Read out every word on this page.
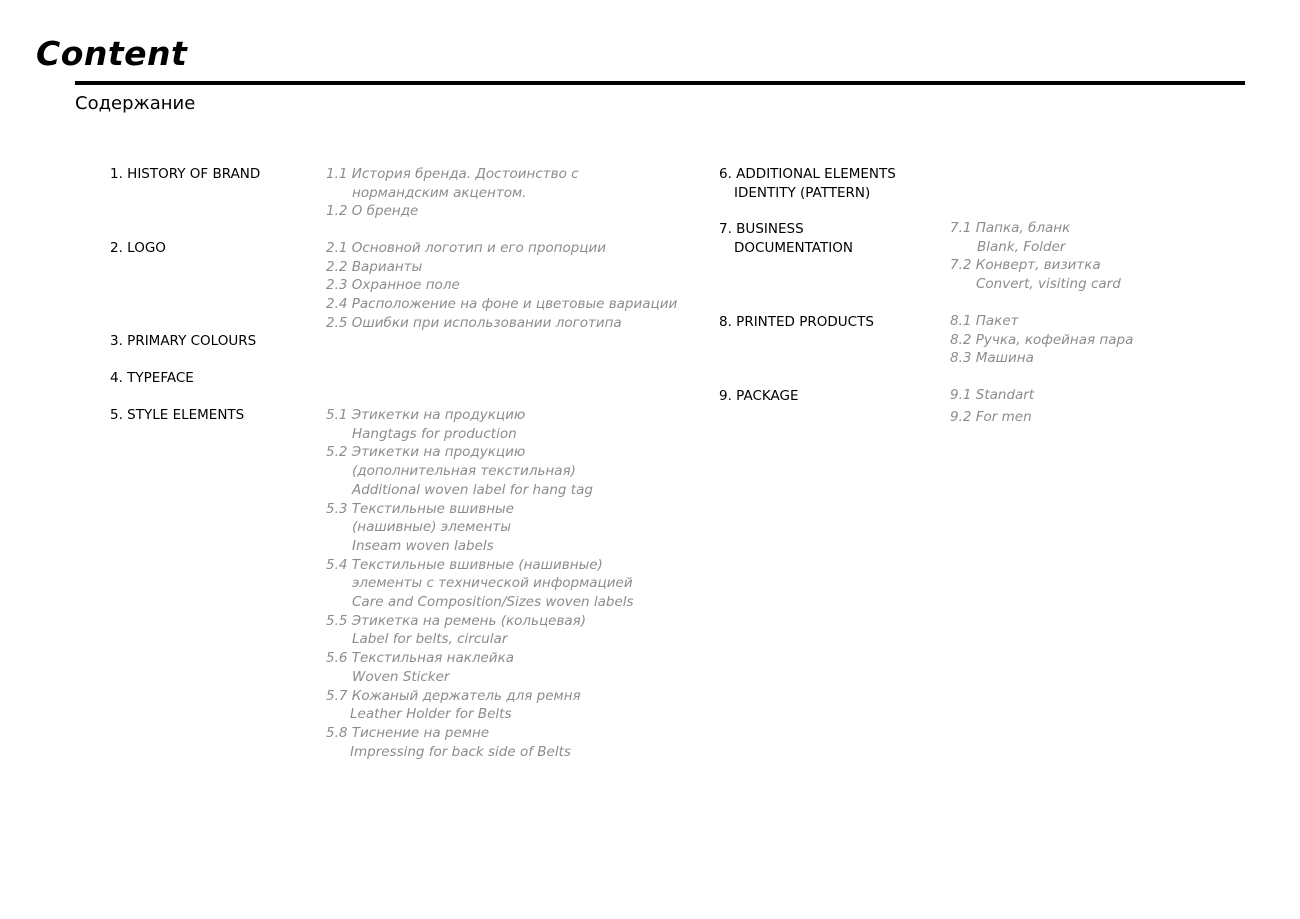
Content
Содержание
1. HISTORY OF BRAND	1.1 История бренда. Достоинство с
нормандским акцентом.
1.2 О бренде
2. LOGO	2.1 Основной логотип и его пропорции
2.2 Варианты
2.3 Охранное поле
2.4 Расположение на фоне и цветовые вариации
2.5 Ошибки при использовании логотипа
3. PRIMARY COLOURS
4. TYPEFACE
5. STYLE ELEMENTS	5.1 Этикетки на продукцию
Hangtags for production
5.2 Этикетки на продукцию
(дополнительная текстильная)
Additional woven label for hang tag
5.3 Текстильные вшивные
(нашивные) элементы
Inseam woven labels
5.4 Текстильные вшивные (нашивные)
элементы с технической информацией
Care and Composition/Sizes woven labels
5.5 Этикетка на ремень (кольцевая)
Label for belts, circular
5.6 Текстильная наклейка
Woven Sticker
5.7 Кожаный держатель для ремня
Leather Holder for Belts
5.8 Тиснение на ремне
Impressing for back side of Belts
6. ADDITIONAL ELEMENTS
IDENTITY (PATTERN)
7. BUSINESS
DOCUMENTATION
7.1 Папка, бланк
Blank, Folder
7.2 Конверт, визитка
Convert, visiting card
8. PRINTED PRODUCTS	8.1 Пакет
8.2 Ручка, кофейная пара
8.3 Машина
9. PACKAGE	9.1 Standart
9.2 For men
